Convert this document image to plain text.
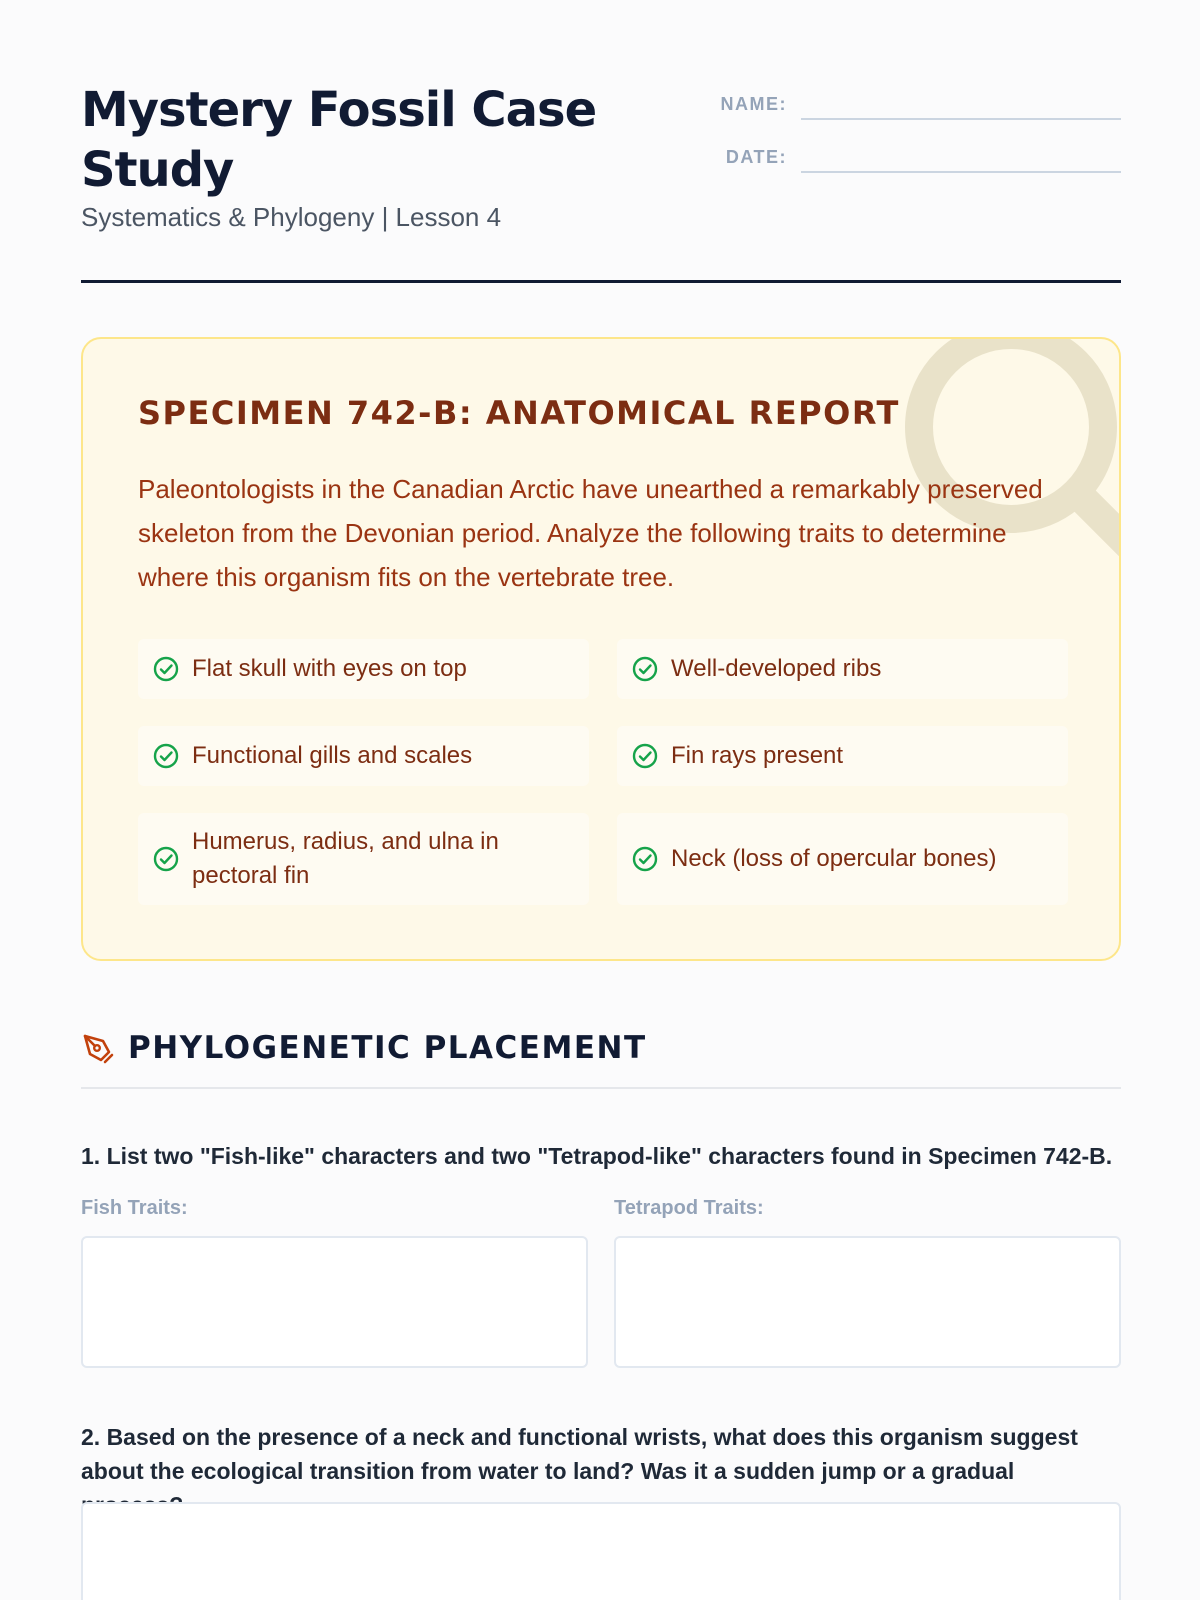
Mystery Fossil Case Study
Systematics & Phylogeny | Lesson 4
NAME:
DATE:
SPECIMEN 742-B: ANATOMICAL REPORT
Paleontologists in the Canadian Arctic have unearthed a remarkably preserved skeleton from the Devonian period. Analyze the following traits to determine where this organism fits on the vertebrate tree.
Flat skull with eyes on top	Well-developed ribs
Functional gills and scales	Fin rays present
Humerus, radius, and ulna in pectoral fin
Neck (loss of opercular bones)
PHYLOGENETIC PLACEMENT
1. List two "Fish-like" characters and two "Tetrapod-like" characters found in Specimen 742-B.
Fish Traits:	Tetrapod Traits:
2. Based on the presence of a neck and functional wrists, what does this organism suggest about the ecological transition from water to land? Was it a sudden jump or a gradual
